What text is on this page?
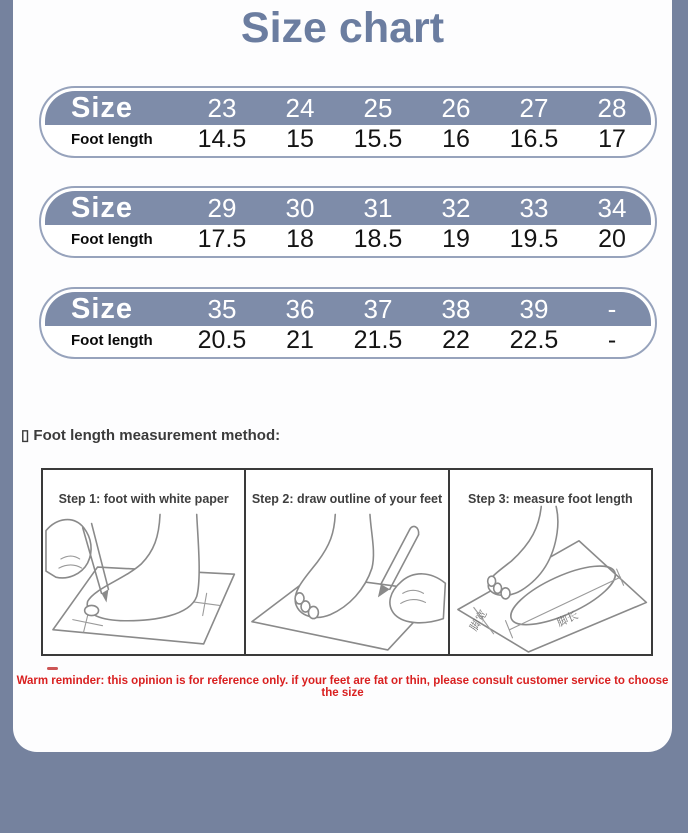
Size chart
Size	23	24	25	26	27	28
Foot length	14.5	15	15.5	16	16.5	17
Size	29	30	31	32	33	34
Foot length	17.5	18	18.5	19	19.5	20
Size	35	36	37	38	39	-
Foot length	20.5	21	21.5	22	22.5	-
▯ Foot length measurement method:
Step 1: foot with white paper	Step 2: draw outline of your feet	Step 3: measure foot length
脚宽	脚长
Warm reminder: this opinion is for reference only. if your feet are fat or thin, please consult customer service to choose the size
